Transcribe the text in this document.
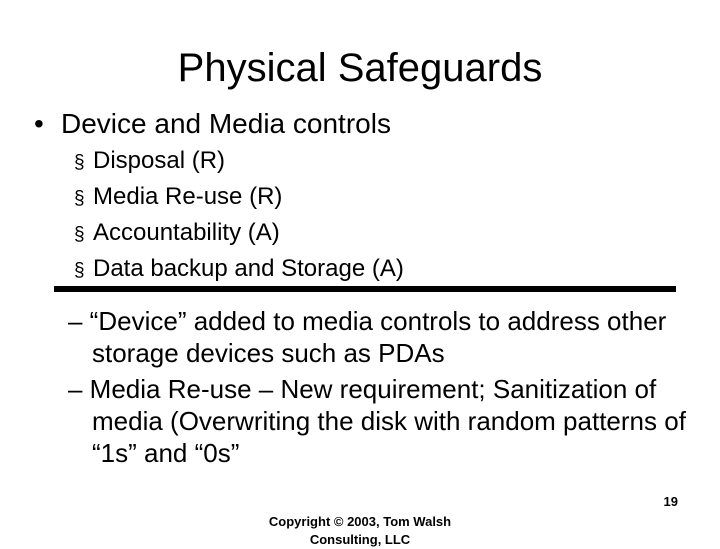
Physical Safeguards
• Device and Media controls
§ Disposal (R)
§ Media Re-use (R)
§ Accountability (A)
§ Data backup and Storage (A)
– “Device” added to media controls to address other storage devices such as PDAs
– Media Re-use – New requirement; Sanitization of media (Overwriting the disk with random patterns of “1s” and “0s”
19
Copyright © 2003, Tom Walsh
Consulting, LLC
